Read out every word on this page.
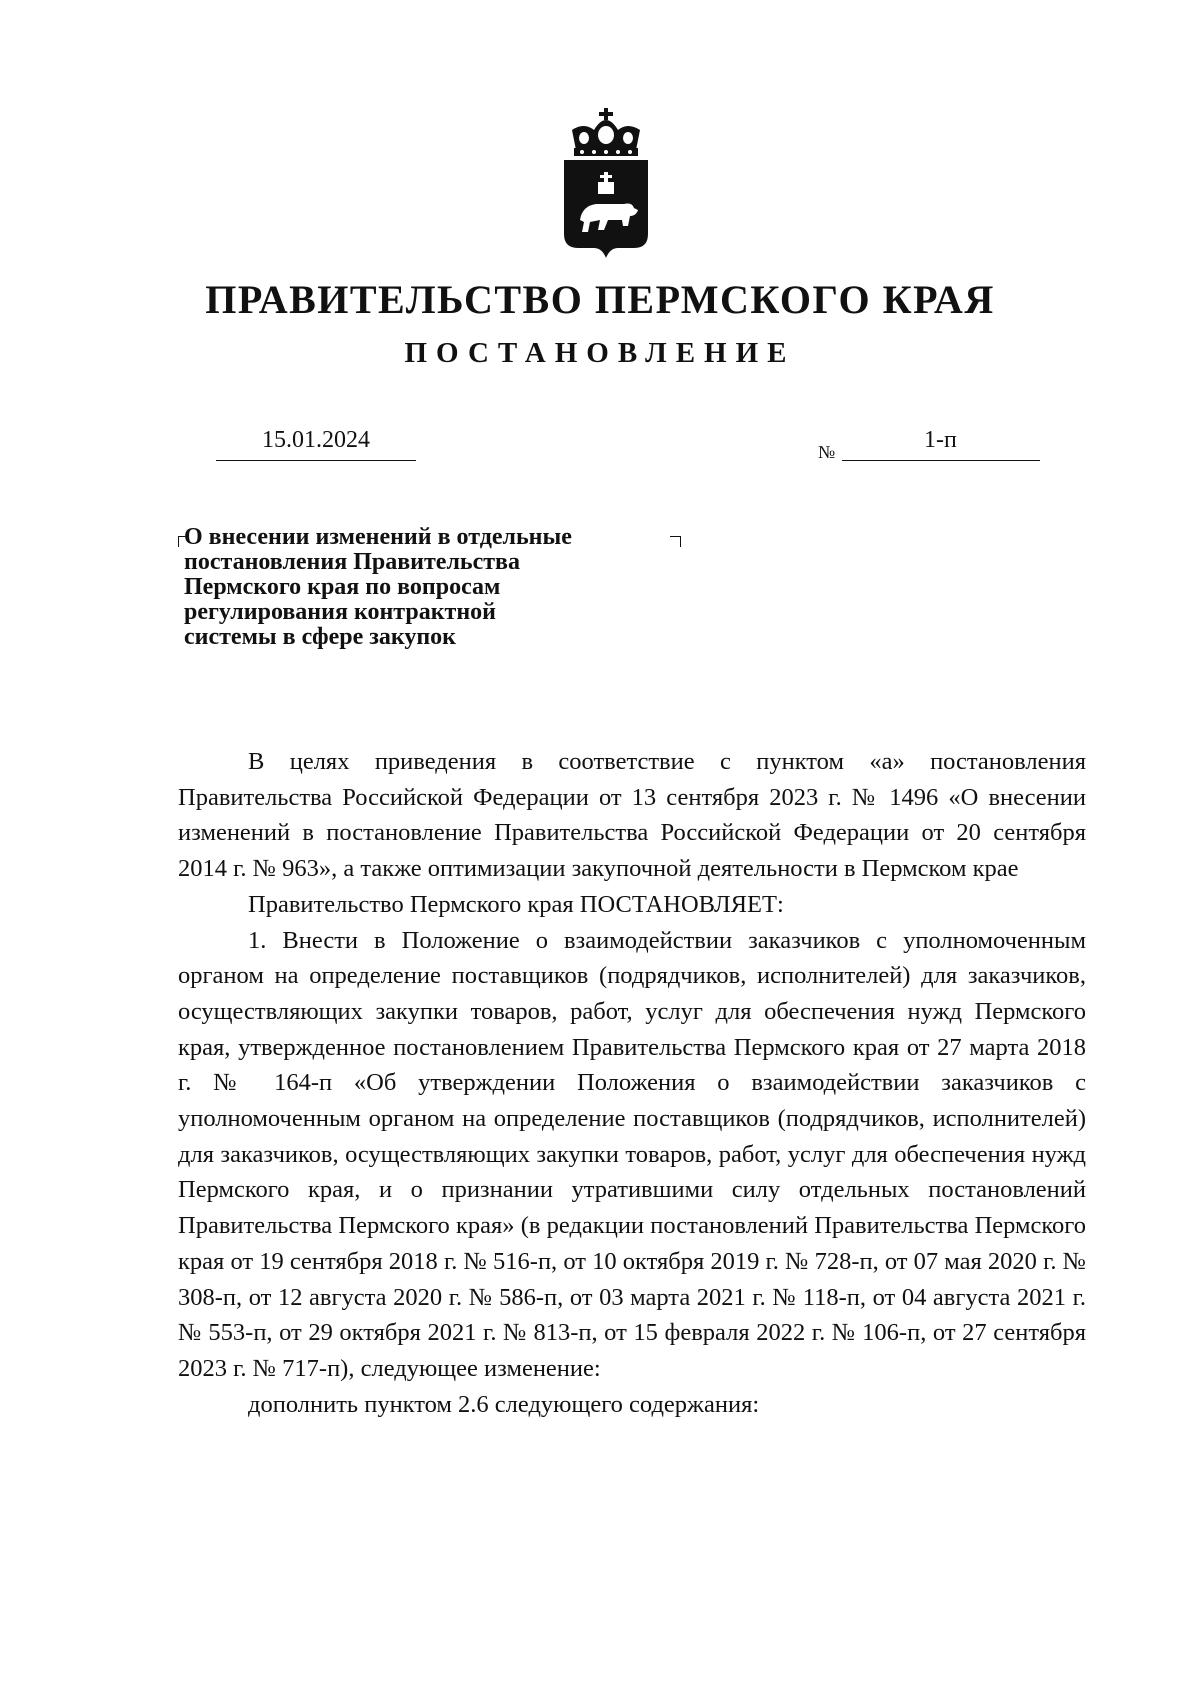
ПРАВИТЕЛЬСТВО ПЕРМСКОГО КРАЯ
ПОСТАНОВЛЕНИЕ
15.01.2024	№	1-п
О внесении изменений в отдельные
постановления Правительства
Пермского края по вопросам
регулирования контрактной
системы в сфере закупок

В целях приведения в соответствие с пунктом «а» постановления Правительства Российской Федерации от 13 сентября 2023 г. № 1496 «О внесении изменений в постановление Правительства Российской Федерации от 20 сентября 2014 г. № 963», а также оптимизации закупочной деятельности в Пермском крае

Правительство Пермского края ПОСТАНОВЛЯЕТ:

1. Внести в Положение о взаимодействии заказчиков с уполномоченным органом на определение поставщиков (подрядчиков, исполнителей) для заказчиков, осуществляющих закупки товаров, работ, услуг для обеспечения нужд Пермского края, утвержденное постановлением Правительства Пермского края от 27 марта 2018 г. № 164-п «Об утверждении Положения о взаимодействии заказчиков с уполномоченным органом на определение поставщиков (подрядчиков, исполнителей) для заказчиков, осуществляющих закупки товаров, работ, услуг для обеспечения нужд Пермского края, и о признании утратившими силу отдельных постановлений Правительства Пермского края» (в редакции постановлений Правительства Пермского края от 19 сентября 2018 г. № 516-п, от 10 октября 2019 г. № 728-п, от 07 мая 2020 г. № 308-п, от 12 августа 2020 г. № 586-п, от 03 марта 2021 г. № 118-п, от 04 августа 2021 г. № 553-п, от 29 октября 2021 г. № 813-п, от 15 февраля 2022 г. № 106-п, от 27 сентября 2023 г. № 717-п), следующее изменение:

дополнить пунктом 2.6 следующего содержания:
